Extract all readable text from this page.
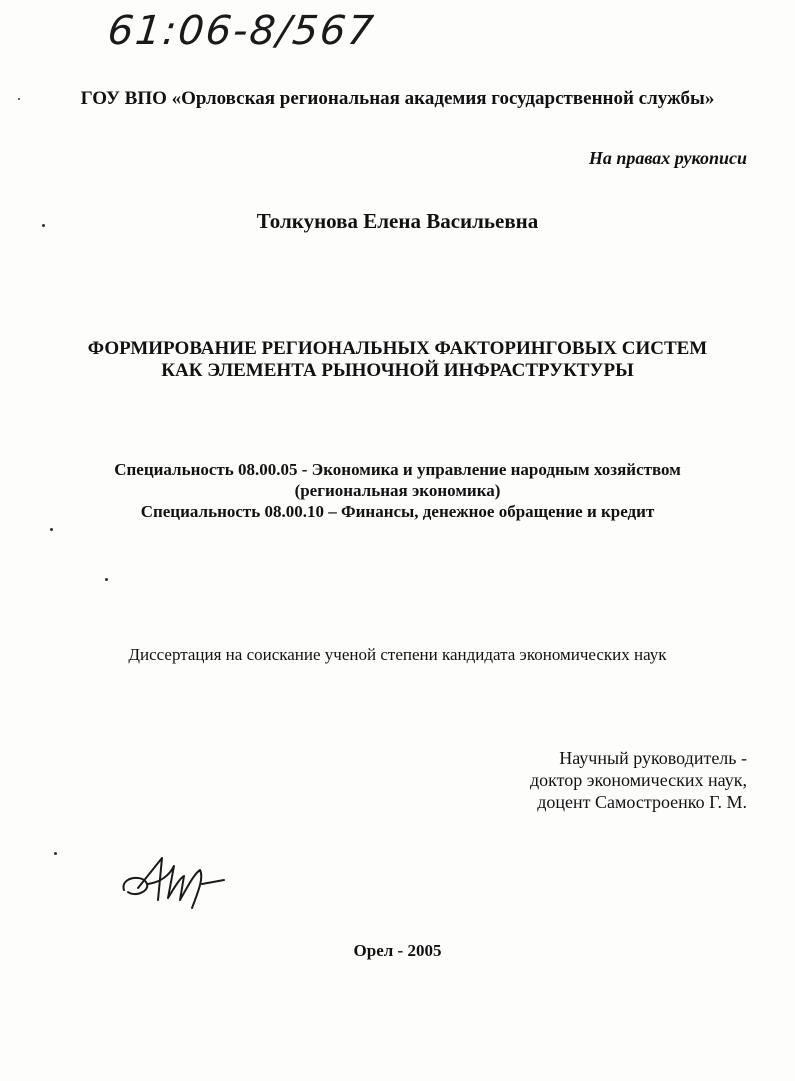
61:06-8/567

ГОУ ВПО «Орловская региональная академия государственной службы»

На правах рукописи

Толкунова Елена Васильевна

ФОРМИРОВАНИЕ РЕГИОНАЛЬНЫХ ФАКТОРИНГОВЫХ СИСТЕМ
КАК ЭЛЕМЕНТА РЫНОЧНОЙ ИНФРАСТРУКТУРЫ
Специальность 08.00.05 - Экономика и управление народным хозяйством
(региональная экономика)
Специальность 08.00.10 – Финансы, денежное обращение и кредит

Диссертация на соискание ученой степени кандидата экономических наук

Научный руководитель -
доктор экономических наук,
доцент Самостроенко Г. М.

Орел - 2005
